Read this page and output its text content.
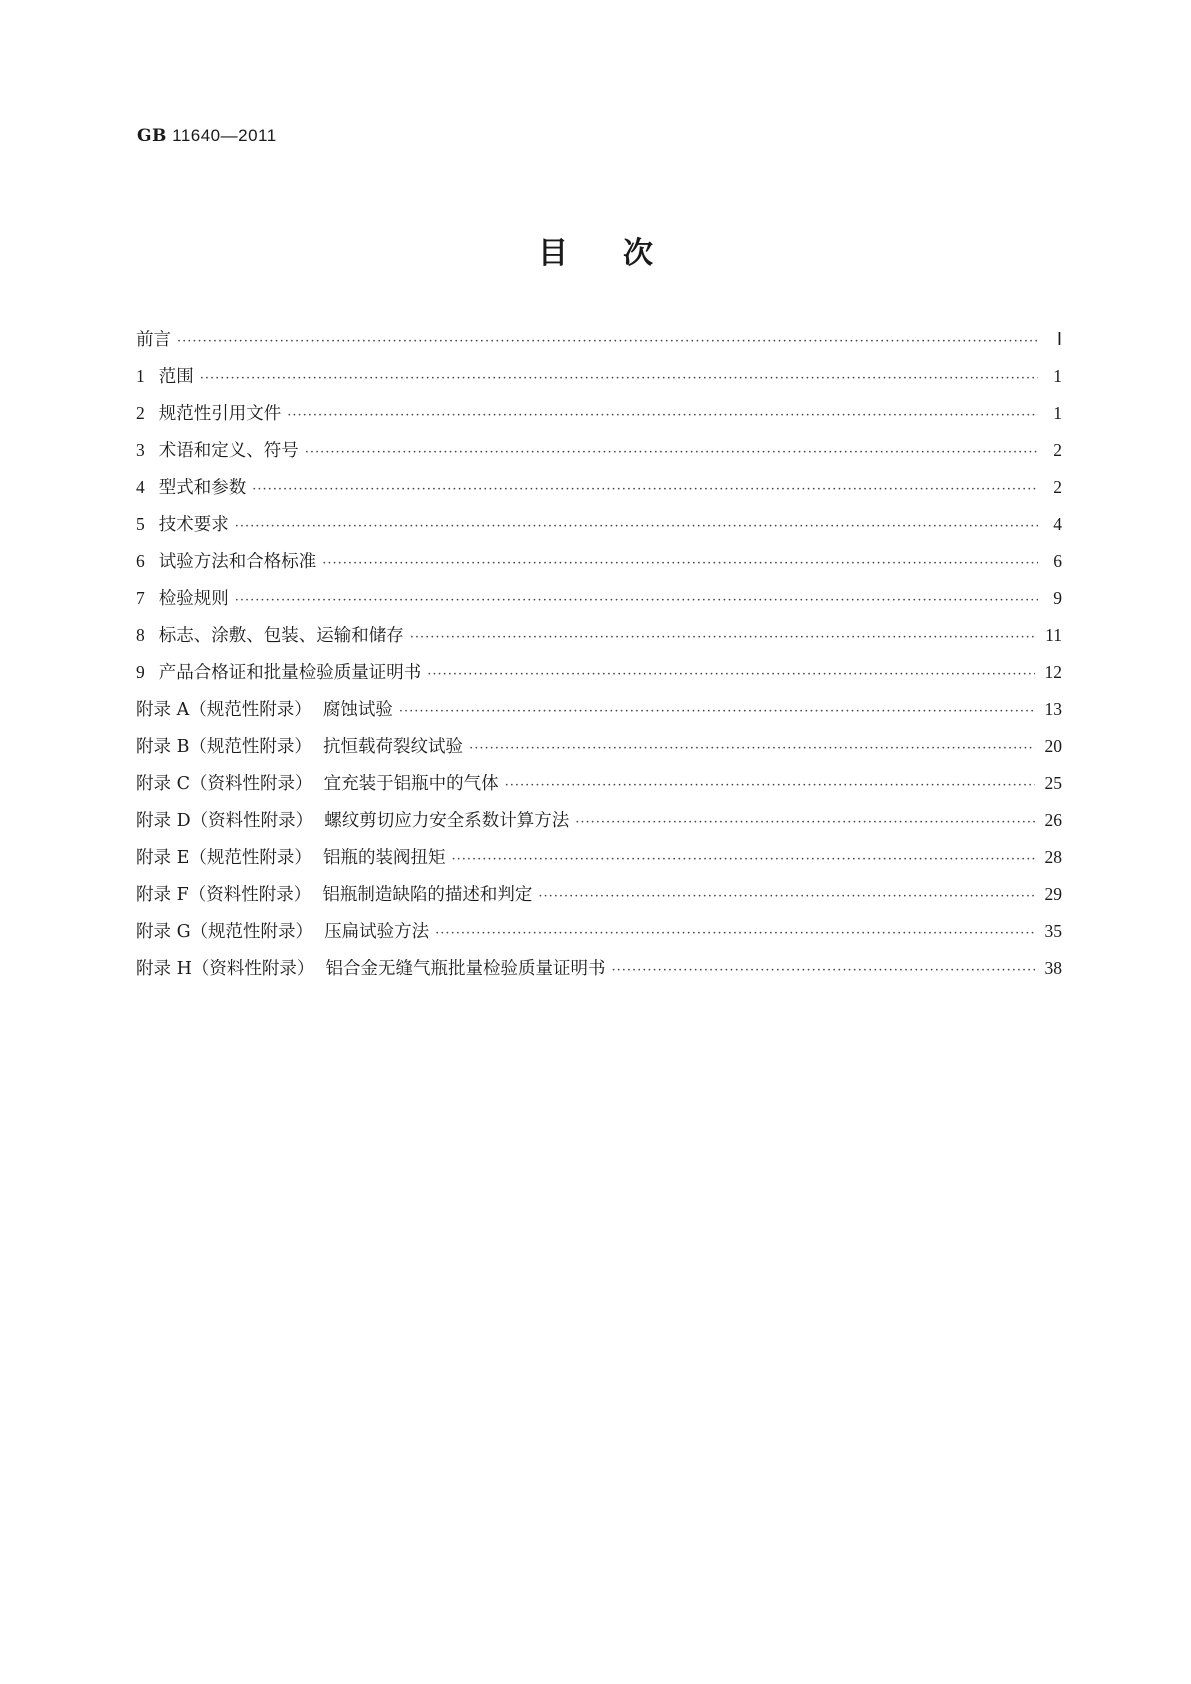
GB 11640—2011
目次
前言 ·····	Ⅰ
1 范围 ·····	1
2 规范性引用文件 ·····	1
3 术语和定义、符号 ·····	2
4 型式和参数 ·····	2
5 技术要求 ·····	4
6 试验方法和合格标准 ·····	6
7 检验规则 ·····	9
8 标志、涂敷、包装、运输和储存 ·····	11
9 产品合格证和批量检验质量证明书 ·····	12
附录 A（规范性附录）  腐蚀试验 ·····	13
附录 B（规范性附录）  抗恒载荷裂纹试验 ·····	20
附录 C（资料性附录）  宜充装于铝瓶中的气体 ·····	25
附录 D（资料性附录）  螺纹剪切应力安全系数计算方法 ·····	26
附录 E（规范性附录）  铝瓶的装阀扭矩 ·····	28
附录 F（资料性附录）  铝瓶制造缺陷的描述和判定 ·····	29
附录 G（规范性附录）  压扁试验方法 ·····	35
附录 H（资料性附录）  铝合金无缝气瓶批量检验质量证明书 ·····	38
